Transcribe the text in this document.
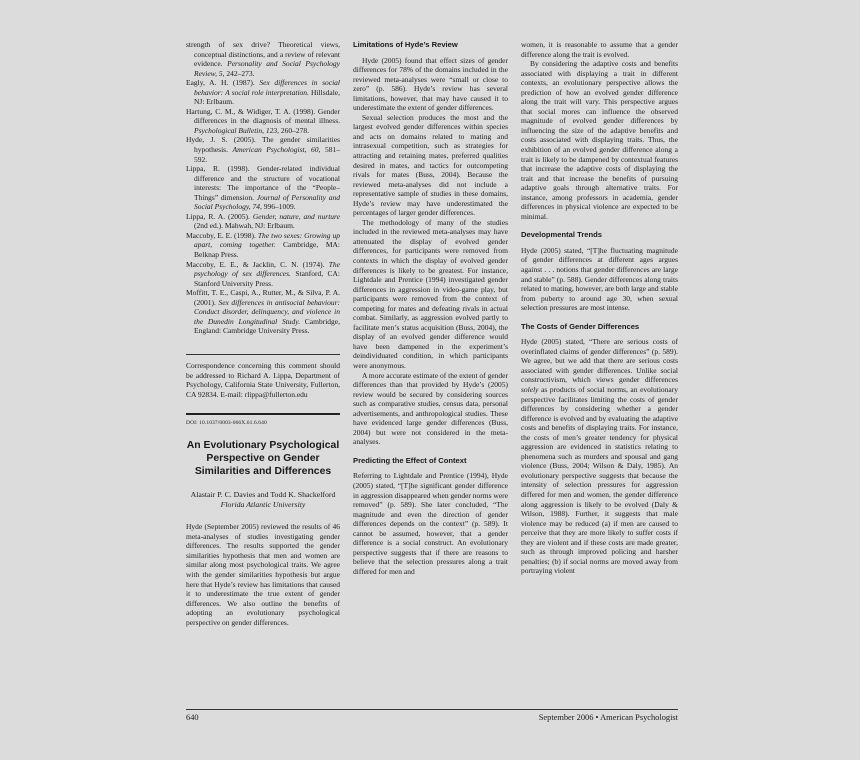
strength of sex drive? Theoretical views, conceptual distinctions, and a review of relevant evidence. Personality and Social Psychology Review, 5, 242–273.

Eagly, A. H. (1987). Sex differences in social behavior: A social role interpretation. Hillsdale, NJ: Erlbaum.

Hartung, C. M., & Widiger, T. A. (1998). Gender differences in the diagnosis of mental illness. Psychological Bulletin, 123, 260–278.

Hyde, J. S. (2005). The gender similarities hypothesis. American Psychologist, 60, 581–592.

Lippa, R. (1998). Gender-related individual difference and the structure of vocational interests: The importance of the “People–Things” dimension. Journal of Personality and Social Psychology, 74, 996–1009.

Lippa, R. A. (2005). Gender, nature, and nurture (2nd ed.). Mahwah, NJ: Erlbaum.

Maccoby, E. E. (1998). The two sexes: Growing up apart, coming together. Cambridge, MA: Belknap Press.

Maccoby, E. E., & Jacklin, C. N. (1974). The psychology of sex differences. Stanford, CA: Stanford University Press.

Moffitt, T. E., Caspi, A., Rutter, M., & Silva, P. A. (2001). Sex differences in antisocial behaviour: Conduct disorder, delinquency, and violence in the Dunedin Longitudinal Study. Cambridge, England: Cambridge University Press.

Correspondence concerning this comment should be addressed to Richard A. Lippa, Department of Psychology, California State University, Fullerton, CA 92834. E-mail: rlippa@fullerton.edu

DOI: 10.1037/0003-066X.61.6.640

An Evolutionary Psychological Perspective on Gender Similarities and Differences

Alastair P. C. Davies and Todd K. Shackelford

Florida Atlantic University

Hyde (September 2005) reviewed the results of 46 meta-analyses of studies investigating gender differences. The results supported the gender similarities hypothesis that men and women are similar along most psychological traits. We agree with the gender similarities hypothesis but argue here that Hyde’s review has limitations that caused it to underestimate the true extent of gender differences. We also outline the benefits of adopting an evolutionary psychological perspective on gender differences.

Limitations of Hyde’s Review

Hyde (2005) found that effect sizes of gender differences for 78% of the domains included in the reviewed meta-analyses were “small or close to zero” (p. 586). Hyde’s review has several limitations, however, that may have caused it to underestimate the extent of gender differences.

Sexual selection produces the most and the largest evolved gender differences within species and acts on domains related to mating and intrasexual competition, such as strategies for attracting and retaining mates, preferred qualities desired in mates, and tactics for outcompeting rivals for mates (Buss, 2004). Because the reviewed meta-analyses did not include a representative sample of studies in these domains, Hyde’s review may have underestimated the percentages of larger gender differences.

The methodology of many of the studies included in the reviewed meta-analyses may have attenuated the display of evolved gender differences, for participants were removed from contexts in which the display of evolved gender differences is likely to be greatest. For instance, Lightdale and Prentice (1994) investigated gender differences in aggression in video-game play, but participants were removed from the context of competing for mates and defeating rivals in actual combat. Similarly, as aggression evolved partly to facilitate men’s status acquisition (Buss, 2004), the display of an evolved gender difference would have been dampened in the experiment’s deindividuated condition, in which participants were anonymous.

A more accurate estimate of the extent of gender differences than that provided by Hyde’s (2005) review would be secured by considering sources such as comparative studies, census data, personal advertisements, and anthropological studies. These have evidenced large gender differences (Buss, 2004) but were not considered in the meta-analyses.

Predicting the Effect of Context

Referring to Lightdale and Prentice (1994), Hyde (2005) stated, “[T]he significant gender difference in aggression disappeared when gender norms were removed” (p. 589). She later concluded, “The magnitude and even the direction of gender differences depends on the context” (p. 589). It cannot be assumed, however, that a gender difference is a social construct. An evolutionary perspective suggests that if there are reasons to believe that the selection pressures along a trait differed for men and

women, it is reasonable to assume that a gender difference along the trait is evolved.

By considering the adaptive costs and benefits associated with displaying a trait in different contexts, an evolutionary perspective allows the prediction of how an evolved gender difference along the trait will vary. This perspective argues that social mores can influence the observed magnitude of evolved gender differences by influencing the size of the adaptive benefits and costs associated with displaying traits. Thus, the exhibition of an evolved gender difference along a trait is likely to be dampened by contextual features that increase the adaptive costs of displaying the trait and that increase the benefits of pursuing adaptive goals through alternative traits. For instance, among professors in academia, gender differences in physical violence are expected to be minimal.

Developmental Trends

Hyde (2005) stated, “[T]he fluctuating magnitude of gender differences at different ages argues against . . . notions that gender differences are large and stable” (p. 588). Gender differences along traits related to mating, however, are both large and stable from puberty to around age 30, when sexual selection pressures are most intense.

The Costs of Gender Differences

Hyde (2005) stated, “There are serious costs of overinflated claims of gender differences” (p. 589). We agree, but we add that there are serious costs associated with gender differences. Unlike social constructivism, which views gender differences solely as products of social norms, an evolutionary perspective facilitates limiting the costs of gender differences by considering whether a gender difference is evolved and by evaluating the adaptive costs and benefits of displaying traits. For instance, the costs of men’s greater tendency for physical aggression are evidenced in statistics relating to phenomena such as murders and spousal and gang violence (Buss, 2004; Wilson & Daly, 1985). An evolutionary perspective suggests that because the intensity of selection pressures for aggression differed for men and women, the gender difference along aggression is likely to be evolved (Daly & Wilson, 1988). Further, it suggests that male violence may be reduced (a) if men are caused to perceive that they are more likely to suffer costs if they are violent and if these costs are made greater, such as through improved policing and harsher penalties; (b) if social norms are moved away from portraying violent

640	September 2006 • American Psychologist
